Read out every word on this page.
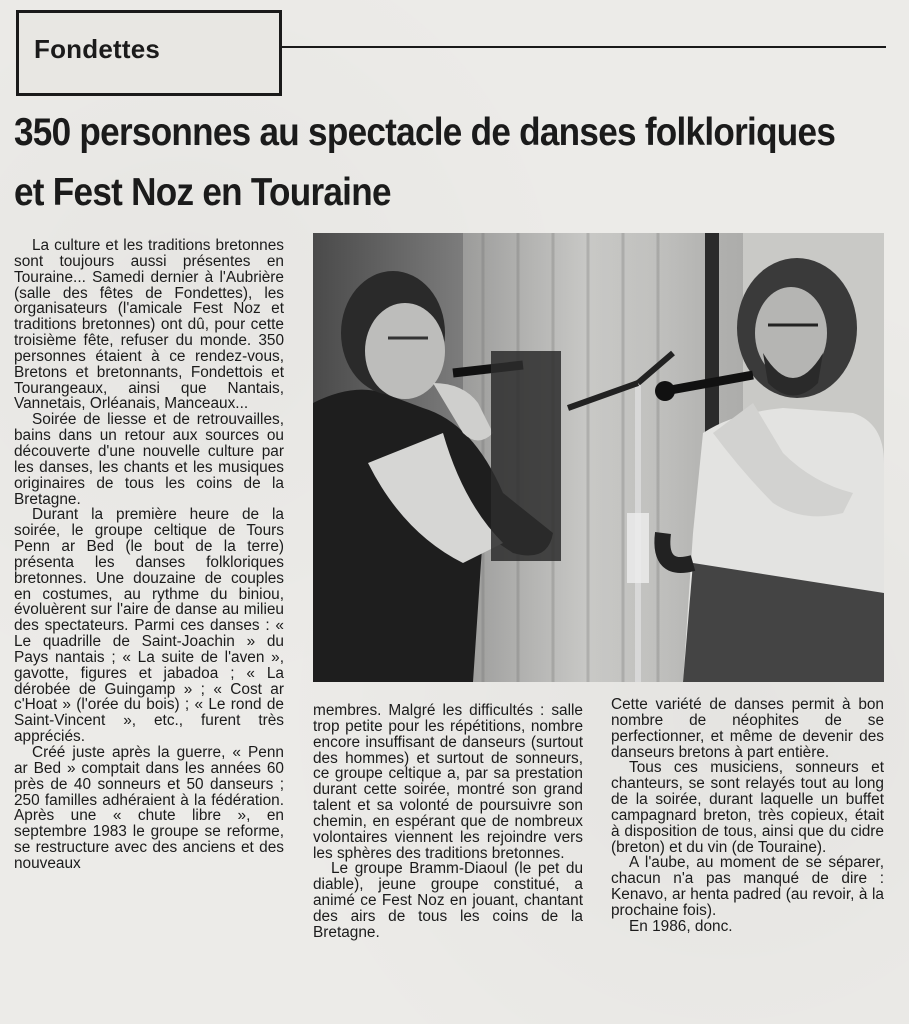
Fondettes
350 personnes au spectacle de danses folkloriques
et Fest Noz en Touraine

La culture et les traditions bretonnes sont toujours aussi présentes en Touraine... Samedi dernier à l'Aubrière (salle des fêtes de Fondettes), les organisateurs (l'amicale Fest Noz et traditions bretonnes) ont dû, pour cette troisième fête, refuser du monde. 350 personnes étaient à ce rendez-vous, Bretons et bretonnants, Fondettois et Tourangeaux, ainsi que Nantais, Vannetais, Orléanais, Manceaux...

Soirée de liesse et de retrouvailles, bains dans un retour aux sources ou découverte d'une nouvelle culture par les danses, les chants et les musiques originaires de tous les coins de la Bretagne.

Durant la première heure de la soirée, le groupe celtique de Tours Penn ar Bed (le bout de la terre) présenta les danses folkloriques bretonnes. Une douzaine de couples en costumes, au rythme du biniou, évoluèrent sur l'aire de danse au milieu des spectateurs. Parmi ces danses : « Le quadrille de Saint-Joachin » du Pays nantais ; « La suite de l'aven », gavotte, figures et jabadoa ; « La dérobée de Guingamp » ; « Cost ar c'Hoat » (l'orée du bois) ; « Le rond de Saint-Vincent », etc., furent très appréciés.

Créé juste après la guerre, « Penn ar Bed » comptait dans les années 60 près de 40 sonneurs et 50 danseurs ; 250 familles adhéraient à la fédération. Après une « chute libre », en septembre 1983 le groupe se reforme, se restructure avec des anciens et des nouveaux

membres. Malgré les difficultés : salle trop petite pour les répétitions, nombre encore insuffisant de danseurs (surtout des hommes) et surtout de sonneurs, ce groupe celtique a, par sa prestation durant cette soirée, montré son grand talent et sa volonté de poursuivre son chemin, en espérant que de nombreux volontaires viennent les rejoindre vers les sphères des traditions bretonnes.

Le groupe Bramm-Diaoul (le pet du diable), jeune groupe constitué, a animé ce Fest Noz en jouant, chantant des airs de tous les coins de la Bretagne.

Cette variété de danses permit à bon nombre de néophites de se perfectionner, et même de devenir des danseurs bretons à part entière.

Tous ces musiciens, sonneurs et chanteurs, se sont relayés tout au long de la soirée, durant laquelle un buffet campagnard breton, très copieux, était à disposition de tous, ainsi que du cidre (breton) et du vin (de Touraine).

A l'aube, au moment de se séparer, chacun n'a pas manqué de dire : Kenavo, ar henta padred (au revoir, à la prochaine fois).

En 1986, donc.
